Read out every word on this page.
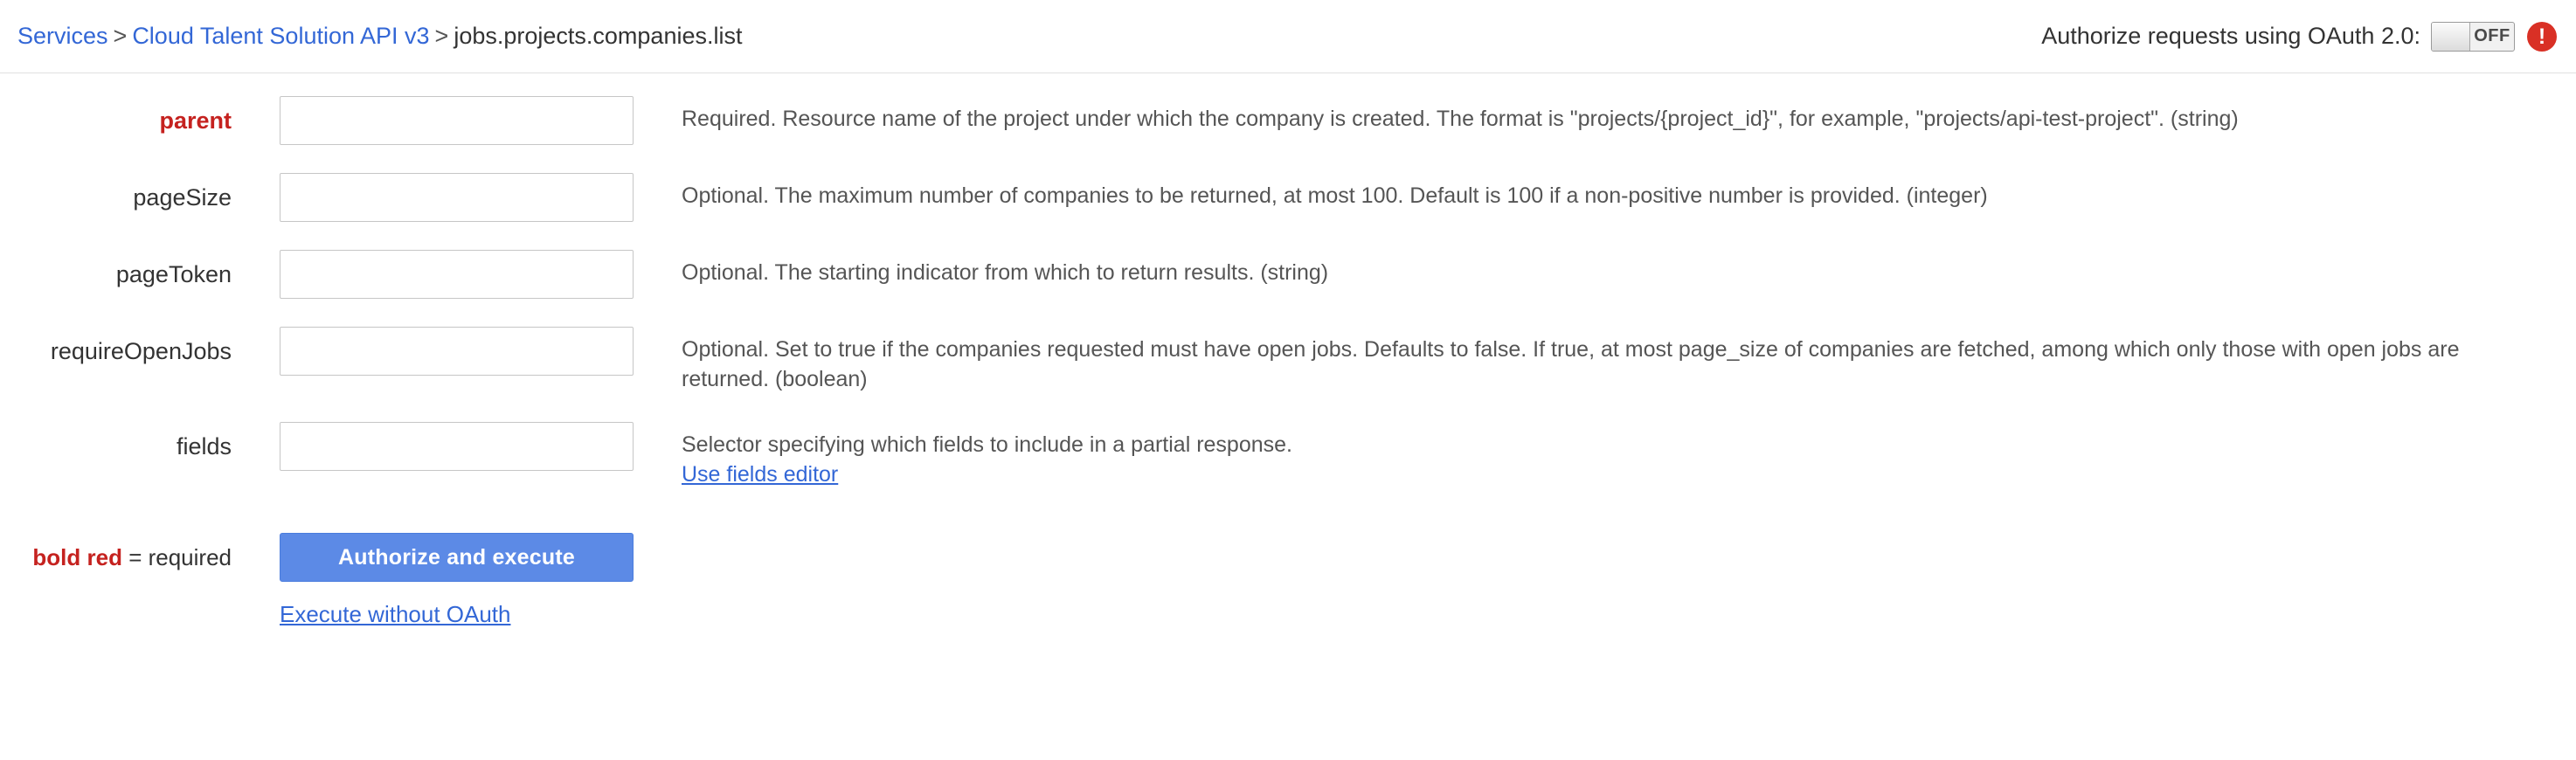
Services > Cloud Talent Solution API v3 > jobs.projects.companies.list	Authorize requests using OAuth 2.0:	OFF	!
parent	Required. Resource name of the project under which the company is created. The format is "projects/{project_id}", for example, "projects/api-test-project". (string)
pageSize	Optional. The maximum number of companies to be returned, at most 100. Default is 100 if a non-positive number is provided. (integer)
pageToken	Optional. The starting indicator from which to return results. (string)
requireOpenJobs	Optional. Set to true if the companies requested must have open jobs. Defaults to false. If true, at most page_size of companies are fetched, among which only those with open jobs are returned. (boolean)
fields	Selector specifying which fields to include in a partial response.
Use fields editor
bold red = required	Authorize and execute
Execute without OAuth
